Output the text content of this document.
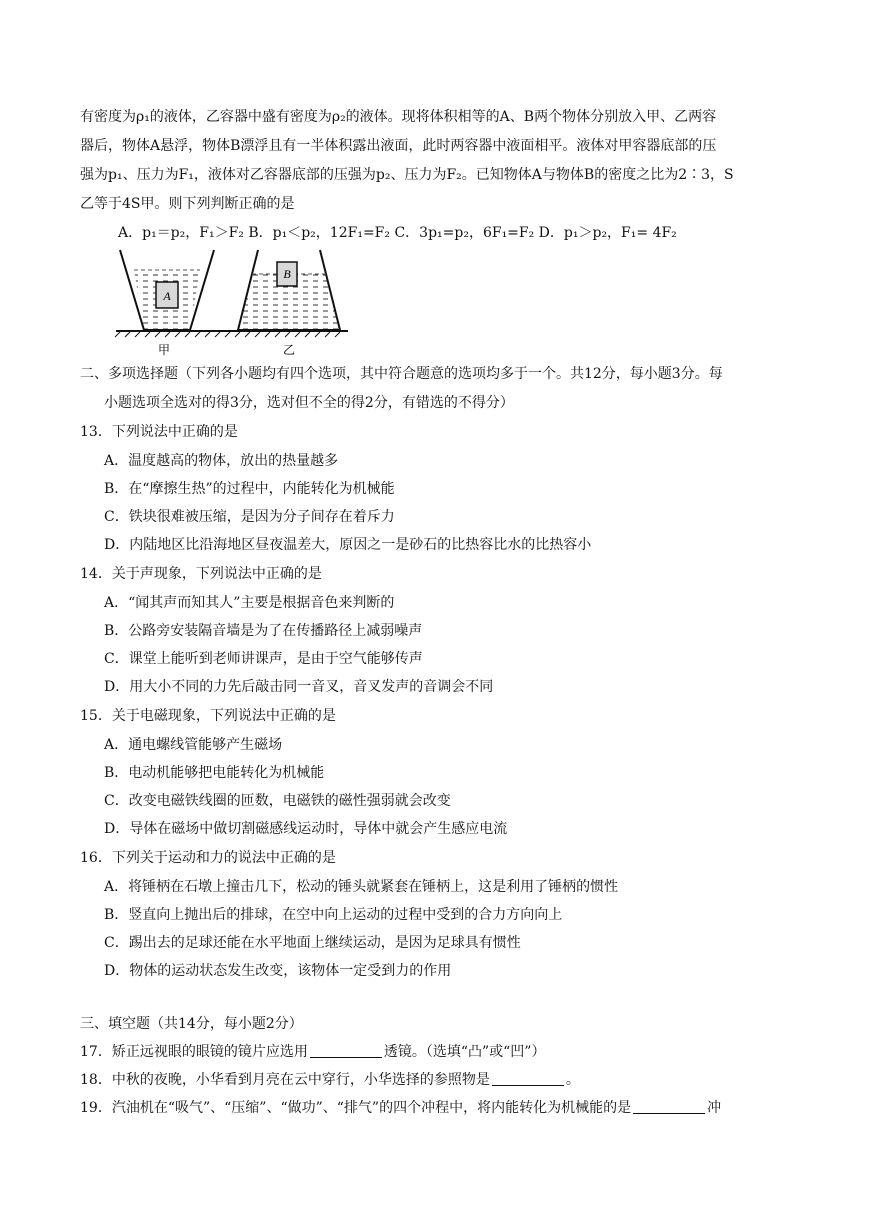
有密度为ρ₁的液体，乙容器中盛有密度为ρ₂的液体。现将体积相等的A、B两个物体分别放入甲、乙两容
器后，物体A悬浮，物体B漂浮且有一半体积露出液面，此时两容器中液面相平。液体对甲容器底部的压
强为p₁、压力为F₁，液体对乙容器底部的压强为p₂、压力为F₂。已知物体A与物体B的密度之比为2∶3，S
乙等于4S甲。则下列判断正确的是
A．p₁＝p₂，F₁＞F₂ B．p₁＜p₂，12F₁=F₂ C．3p₁=p₂，6F₁=F₂ D．p₁＞p₂，F₁= 4F₂
A
B
甲	乙
二、多项选择题（下列各小题均有四个选项，其中符合题意的选项均多于一个。共12分，每小题3分。每
小题选项全选对的得3分，选对但不全的得2分，有错选的不得分）
13．下列说法中正确的是
A．温度越高的物体，放出的热量越多
B．在“摩擦生热”的过程中，内能转化为机械能
C．铁块很难被压缩，是因为分子间存在着斥力
D．内陆地区比沿海地区昼夜温差大，原因之一是砂石的比热容比水的比热容小
14．关于声现象，下列说法中正确的是
A．“闻其声而知其人”主要是根据音色来判断的
B．公路旁安装隔音墙是为了在传播路径上减弱噪声
C．课堂上能听到老师讲课声，是由于空气能够传声
D．用大小不同的力先后敲击同一音叉，音叉发声的音调会不同
15．关于电磁现象，下列说法中正确的是
A．通电螺线管能够产生磁场
B．电动机能够把电能转化为机械能
C．改变电磁铁线圈的匝数，电磁铁的磁性强弱就会改变
D．导体在磁场中做切割磁感线运动时，导体中就会产生感应电流
16．下列关于运动和力的说法中正确的是
A．将锤柄在石墩上撞击几下，松动的锤头就紧套在锤柄上，这是利用了锤柄的惯性
B．竖直向上抛出后的排球，在空中向上运动的过程中受到的合力方向向上
C．踢出去的足球还能在水平地面上继续运动，是因为足球具有惯性
D．物体的运动状态发生改变，该物体一定受到力的作用
三、填空题（共14分，每小题2分）
17．矫正远视眼的眼镜的镜片应选用	透镜。（选填“凸”或“凹”）
18．中秋的夜晚，小华看到月亮在云中穿行，小华选择的参照物是	。
19．汽油机在“吸气”、“压缩”、“做功”、“排气”的四个冲程中，将内能转化为机械能的是	冲
